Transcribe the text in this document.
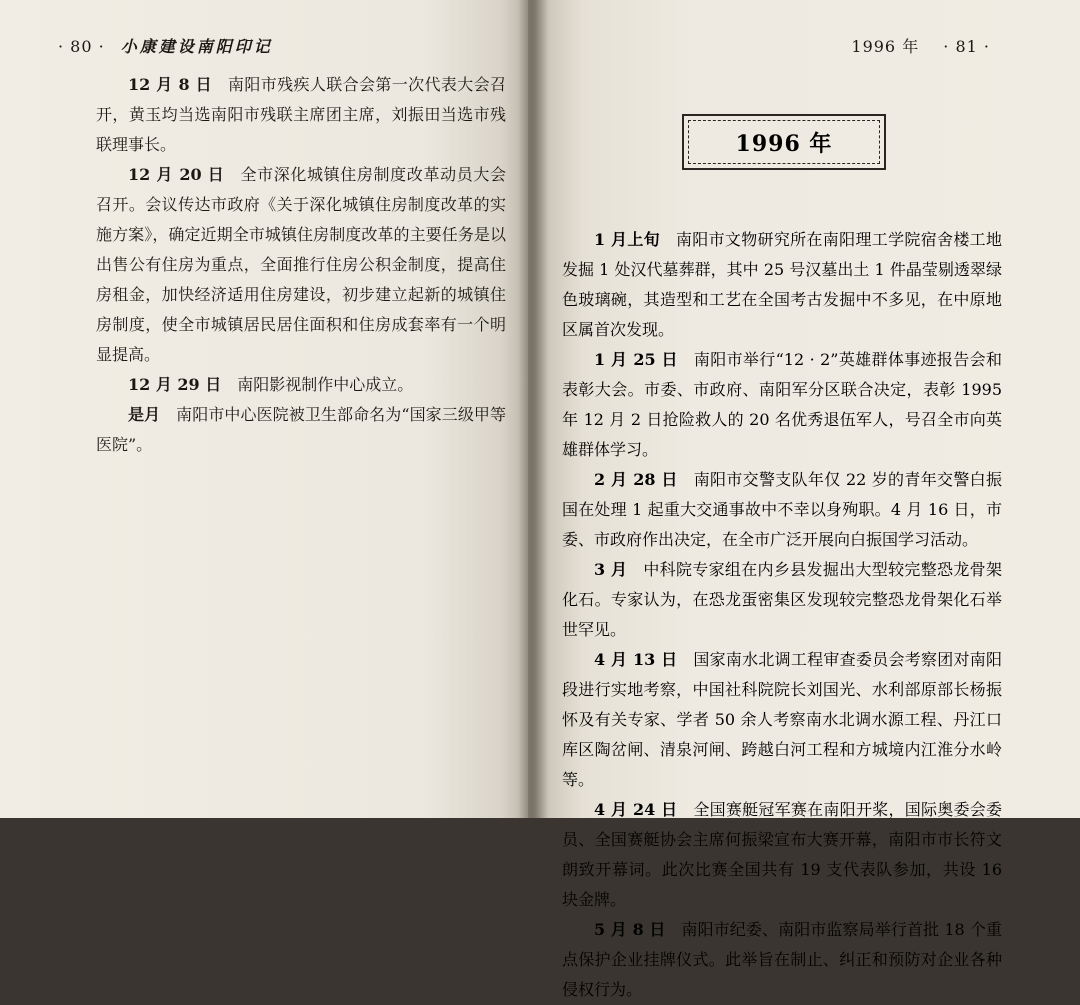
· 80 · 小康建设南阳印记

12 月 8 日 南阳市残疾人联合会第一次代表大会召开，黄玉均当选南阳市残联主席团主席，刘振田当选市残联理事长。

12 月 20 日 全市深化城镇住房制度改革动员大会召开。会议传达市政府《关于深化城镇住房制度改革的实施方案》，确定近期全市城镇住房制度改革的主要任务是以出售公有住房为重点，全面推行住房公积金制度，提高住房租金，加快经济适用住房建设，初步建立起新的城镇住房制度，使全市城镇居民居住面积和住房成套率有一个明显提高。

12 月 29 日 南阳影视制作中心成立。

是月 南阳市中心医院被卫生部命名为“国家三级甲等医院”。

1996 年 · 81 ·
1996 年

1 月上旬 南阳市文物研究所在南阳理工学院宿舍楼工地发掘 1 处汉代墓葬群，其中 25 号汉墓出土 1 件晶莹剔透翠绿色玻璃碗，其造型和工艺在全国考古发掘中不多见，在中原地区属首次发现。

1 月 25 日 南阳市举行“12 · 2”英雄群体事迹报告会和表彰大会。市委、市政府、南阳军分区联合决定，表彰 1995 年 12 月 2 日抢险救人的 20 名优秀退伍军人，号召全市向英雄群体学习。

2 月 28 日 南阳市交警支队年仅 22 岁的青年交警白振国在处理 1 起重大交通事故中不幸以身殉职。4 月 16 日，市委、市政府作出决定，在全市广泛开展向白振国学习活动。

3 月 中科院专家组在内乡县发掘出大型较完整恐龙骨架化石。专家认为，在恐龙蛋密集区发现较完整恐龙骨架化石举世罕见。

4 月 13 日 国家南水北调工程审查委员会考察团对南阳段进行实地考察，中国社科院院长刘国光、水利部原部长杨振怀及有关专家、学者 50 余人考察南水北调水源工程、丹江口库区陶岔闸、清泉河闸、跨越白河工程和方城境内江淮分水岭等。

4 月 24 日 全国赛艇冠军赛在南阳开桨，国际奥委会委员、全国赛艇协会主席何振梁宣布大赛开幕，南阳市市长符文朗致开幕词。此次比赛全国共有 19 支代表队参加，共设 16 块金牌。

5 月 8 日 南阳市纪委、南阳市监察局举行首批 18 个重点保护企业挂牌仪式。此举旨在制止、纠正和预防对企业各种侵权行为。
